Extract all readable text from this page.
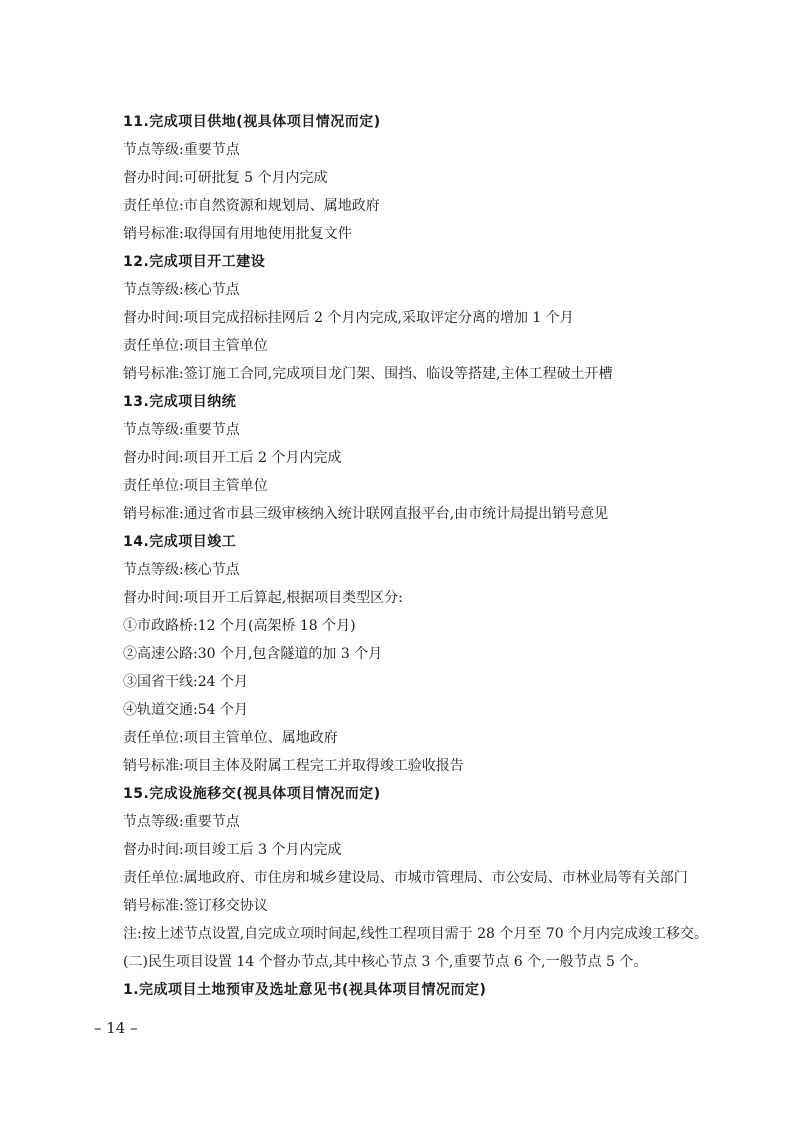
11.完成项目供地(视具体项目情况而定)
节点等级:重要节点
督办时间:可研批复 5 个月内完成
责任单位:市自然资源和规划局、属地政府
销号标准:取得国有用地使用批复文件
12.完成项目开工建设
节点等级:核心节点
督办时间:项目完成招标挂网后 2 个月内完成,采取评定分离的增加 1 个月
责任单位:项目主管单位
销号标准:签订施工合同,完成项目龙门架、围挡、临设等搭建,主体工程破土开槽
13.完成项目纳统
节点等级:重要节点
督办时间:项目开工后 2 个月内完成
责任单位:项目主管单位
销号标准:通过省市县三级审核纳入统计联网直报平台,由市统计局提出销号意见
14.完成项目竣工
节点等级:核心节点
督办时间:项目开工后算起,根据项目类型区分:
①市政路桥:12 个月(高架桥 18 个月)
②高速公路:30 个月,包含隧道的加 3 个月
③国省干线:24 个月
④轨道交通:54 个月
责任单位:项目主管单位、属地政府
销号标准:项目主体及附属工程完工并取得竣工验收报告
15.完成设施移交(视具体项目情况而定)
节点等级:重要节点
督办时间:项目竣工后 3 个月内完成
责任单位:属地政府、市住房和城乡建设局、市城市管理局、市公安局、市林业局等有关部门
销号标准:签订移交协议
注:按上述节点设置,自完成立项时间起,线性工程项目需于 28 个月至 70 个月内完成竣工移交。
(二)民生项目设置 14 个督办节点,其中核心节点 3 个,重要节点 6 个,一般节点 5 个。
1.完成项目土地预审及选址意见书(视具体项目情况而定)
– 14 –
